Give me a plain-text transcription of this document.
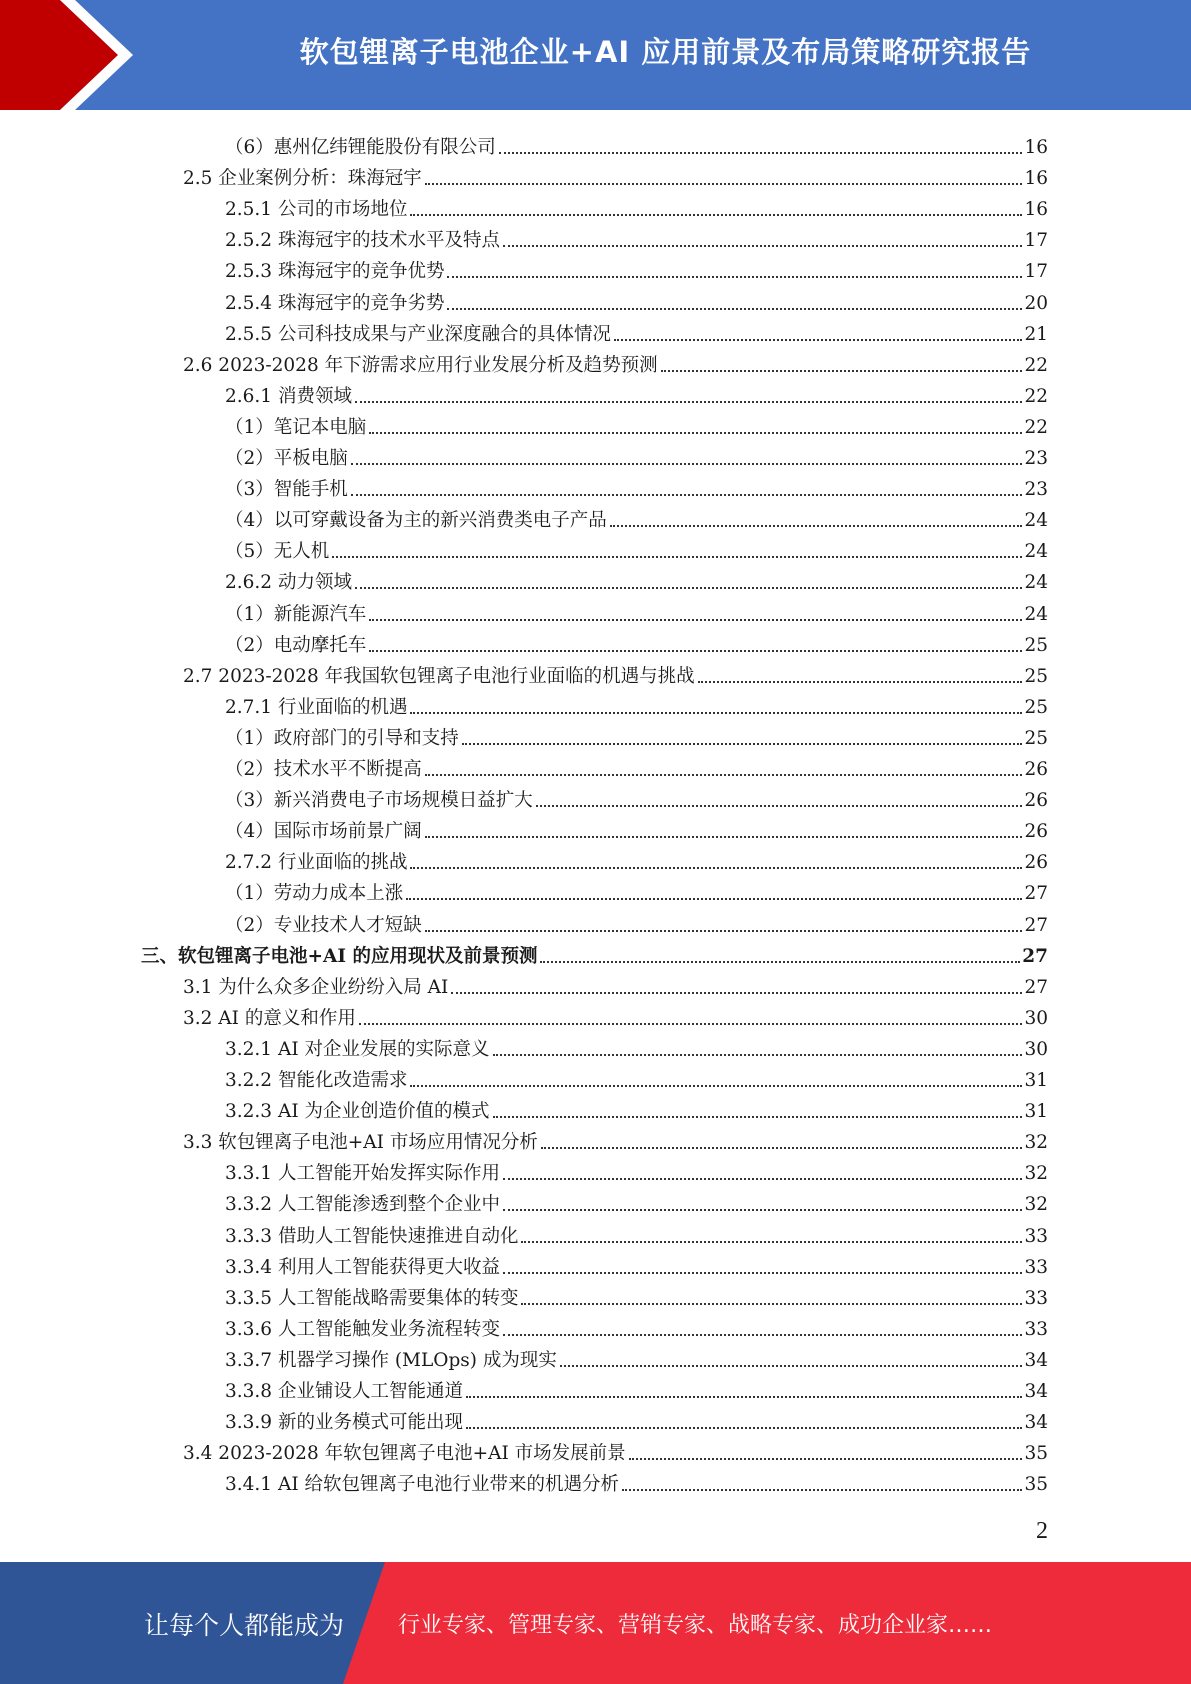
软包锂离子电池企业+AI 应用前景及布局策略研究报告
（6）惠州亿纬锂能股份有限公司	16
2.5 企业案例分析：珠海冠宇	16
2.5.1 公司的市场地位	16
2.5.2 珠海冠宇的技术水平及特点	17
2.5.3 珠海冠宇的竞争优势	17
2.5.4 珠海冠宇的竞争劣势	20
2.5.5 公司科技成果与产业深度融合的具体情况	21
2.6 2023-2028 年下游需求应用行业发展分析及趋势预测	22
2.6.1 消费领域	22
（1）笔记本电脑	22
（2）平板电脑	23
（3）智能手机	23
（4）以可穿戴设备为主的新兴消费类电子产品	24
（5）无人机	24
2.6.2 动力领域	24
（1）新能源汽车	24
（2）电动摩托车	25
2.7 2023-2028 年我国软包锂离子电池行业面临的机遇与挑战	25
2.7.1 行业面临的机遇	25
（1）政府部门的引导和支持	25
（2）技术水平不断提高	26
（3）新兴消费电子市场规模日益扩大	26
（4）国际市场前景广阔	26
2.7.2 行业面临的挑战	26
（1）劳动力成本上涨	27
（2）专业技术人才短缺	27
三、软包锂离子电池+AI 的应用现状及前景预测	27
3.1 为什么众多企业纷纷入局 AI	27
3.2 AI 的意义和作用	30
3.2.1 AI 对企业发展的实际意义	30
3.2.2 智能化改造需求	31
3.2.3 AI 为企业创造价值的模式	31
3.3 软包锂离子电池+AI 市场应用情况分析	32
3.3.1 人工智能开始发挥实际作用	32
3.3.2 人工智能渗透到整个企业中	32
3.3.3 借助人工智能快速推进自动化	33
3.3.4 利用人工智能获得更大收益	33
3.3.5 人工智能战略需要集体的转变	33
3.3.6 人工智能触发业务流程转变	33
3.3.7 机器学习操作 (MLOps) 成为现实	34
3.3.8 企业铺设人工智能通道	34
3.3.9 新的业务模式可能出现	34
3.4 2023-2028 年软包锂离子电池+AI 市场发展前景	35
3.4.1 AI 给软包锂离子电池行业带来的机遇分析	35
2
让每个人都能成为 行业专家、管理专家、营销专家、战略专家、成功企业家……
